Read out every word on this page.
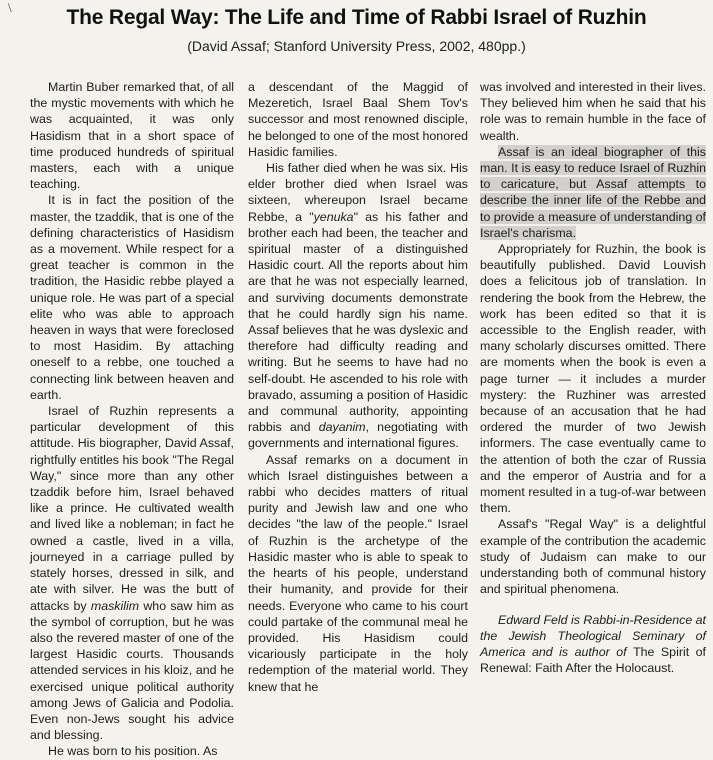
\	The Regal Way: The Life and Time of Rabbi Israel of Ruzhin
(David Assaf; Stanford University Press, 2002, 480pp.)

Martin Buber remarked that, of all the mystic movements with which he was acquainted, it was only Hasidism that in a short space of time produced hundreds of spiritual masters, each with a unique teaching.

It is in fact the position of the master, the tzaddik, that is one of the defining characteristics of Hasidism as a movement. While respect for a great teacher is common in the tradition, the Hasidic rebbe played a unique role. He was part of a special elite who was able to approach heaven in ways that were foreclosed to most Hasidim. By attaching oneself to a rebbe, one touched a connecting link between heaven and earth.

Israel of Ruzhin represents a particular development of this attitude. His biographer, David Assaf, rightfully entitles his book "The Regal Way," since more than any other tzaddik before him, Israel behaved like a prince. He cultivated wealth and lived like a nobleman; in fact he owned a castle, lived in a villa, journeyed in a carriage pulled by stately horses, dressed in silk, and ate with silver. He was the butt of attacks by maskilim who saw him as the symbol of corruption, but he was also the revered master of one of the largest Hasidic courts. Thousands attended services in his kloiz, and he exercised unique political authority among Jews of Galicia and Podolia. Even non-Jews sought his advice and blessing.

He was born to his position. As

a descendant of the Maggid of Mezeretich, Israel Baal Shem Tov's successor and most renowned disciple, he belonged to one of the most honored Hasidic families.

His father died when he was six. His elder brother died when Israel was sixteen, whereupon Israel became Rebbe, a "yenuka" as his father and brother each had been, the teacher and spiritual master of a distinguished Hasidic court. All the reports about him are that he was not especially learned, and surviving documents demonstrate that he could hardly sign his name. Assaf believes that he was dyslexic and therefore had difficulty reading and writing. But he seems to have had no self-doubt. He ascended to his role with bravado, assuming a position of Hasidic and communal authority, appointing rabbis and dayanim, negotiating with governments and international figures.

Assaf remarks on a document in which Israel distinguishes between a rabbi who decides matters of ritual purity and Jewish law and one who decides "the law of the people." Israel of Ruzhin is the archetype of the Hasidic master who is able to speak to the hearts of his people, understand their humanity, and provide for their needs. Everyone who came to his court could partake of the communal meal he provided. His Hasidism could vicariously participate in the holy redemption of the material world. They knew that he

was involved and interested in their lives. They believed him when he said that his role was to remain humble in the face of wealth.

Assaf is an ideal biographer of this man. It is easy to reduce Israel of Ruzhin to caricature, but Assaf attempts to describe the inner life of the Rebbe and to provide a measure of understanding of Israel's charisma.

Appropriately for Ruzhin, the book is beautifully published. David Louvish does a felicitous job of translation. In rendering the book from the Hebrew, the work has been edited so that it is accessible to the English reader, with many scholarly discurses omitted. There are moments when the book is even a page turner — it includes a murder mystery: the Ruzhiner was arrested because of an accusation that he had ordered the murder of two Jewish informers. The case eventually came to the attention of both the czar of Russia and the emperor of Austria and for a moment resulted in a tug-of-war between them.

Assaf's "Regal Way" is a delightful example of the contribution the academic study of Judaism can make to our understanding both of communal history and spiritual phenomena.

Edward Feld is Rabbi-in-Residence at the Jewish Theological Seminary of America and is author of The Spirit of Renewal: Faith After the Holocaust.
